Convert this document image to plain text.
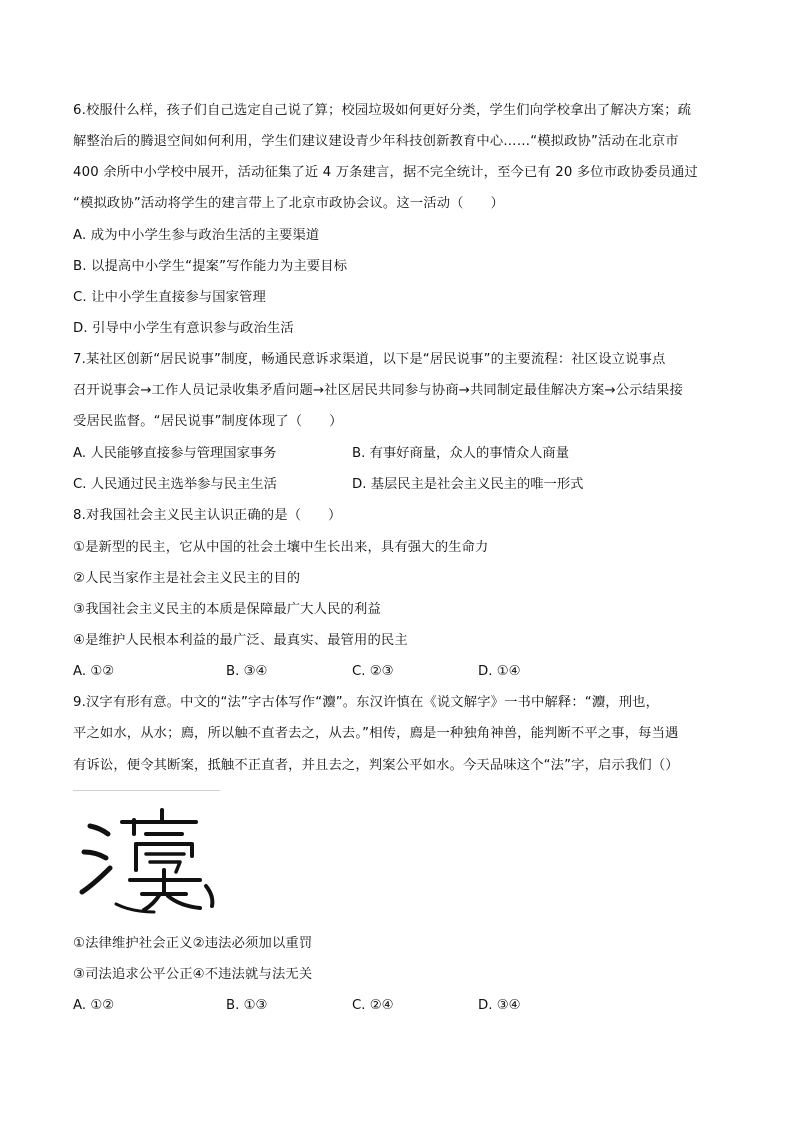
6.校服什么样，孩子们自己选定自己说了算；校园垃圾如何更好分类，学生们向学校拿出了解决方案；疏
解整治后的腾退空间如何利用，学生们建议建设青少年科技创新教育中心……“模拟政协”活动在北京市
400 余所中小学校中展开，活动征集了近 4 万条建言，据不完全统计，至今已有 20 多位市政协委员通过
“模拟政协”活动将学生的建言带上了北京市政协会议。这一活动（　　）
A. 成为中小学生参与政治生活的主要渠道
B. 以提高中小学生“提案”写作能力为主要目标
C. 让中小学生直接参与国家管理
D. 引导中小学生有意识参与政治生活
7.某社区创新“居民说事”制度，畅通民意诉求渠道，以下是“居民说事”的主要流程：社区设立说事点
召开说事会→工作人员记录收集矛盾问题→社区居民共同参与协商→共同制定最佳解决方案→公示结果接
受居民监督。“居民说事”制度体现了（　　）
A. 人民能够直接参与管理国家事务	B. 有事好商量，众人的事情众人商量
C. 人民通过民主选举参与民主生活	D. 基层民主是社会主义民主的唯一形式
8.对我国社会主义民主认识正确的是（　　）
①是新型的民主，它从中国的社会土壤中生长出来，具有强大的生命力
②人民当家作主是社会主义民主的目的
③我国社会主义民主的本质是保障最广大人民的利益
④是维护人民根本利益的最广泛、最真实、最管用的民主
A. ①②	B. ③④	C. ②③	D. ①④
9.汉字有形有意。中文的“法”字古体写作“灋”。东汉许慎在《说文解字》一书中解释：“灋，刑也，
平之如水，从水；廌，所以触不直者去之，从去。”相传，廌是一种独角神兽，能判断不平之事，每当遇
有诉讼，便令其断案，抵触不正直者，并且去之，判案公平如水。今天品味这个“法”字，启示我们（）
①法律维护社会正义②违法必须加以重罚
③司法追求公平公正④不违法就与法无关
A. ①②	B. ①③	C. ②④	D. ③④
